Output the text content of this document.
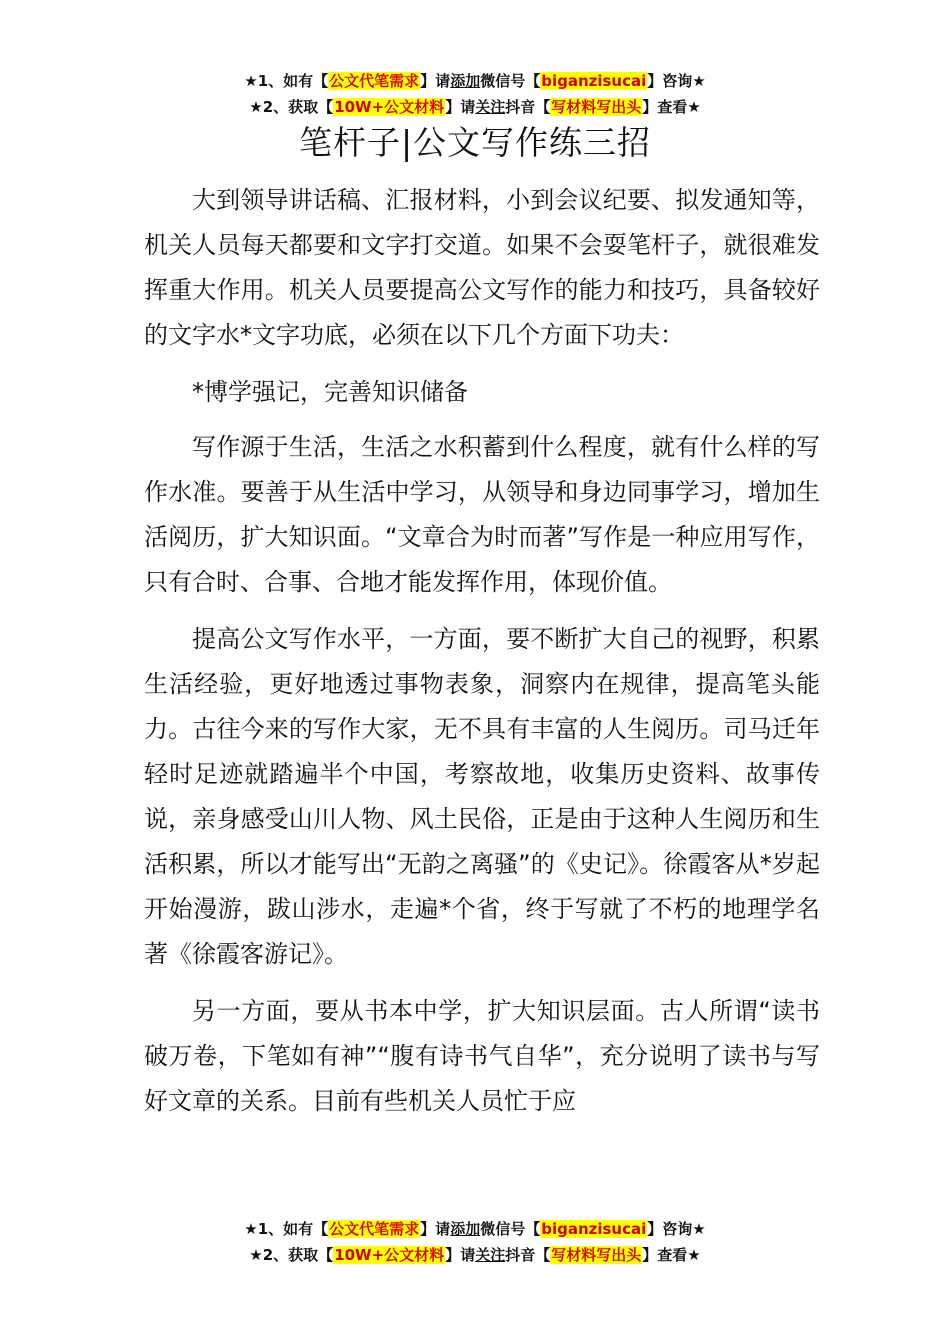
★1、如有【公文代笔需求】请添加微信号【biganzisucai】咨询★
★2、获取【10W+公文材料】请关注抖音【写材料写出头】查看★
笔杆子|公文写作练三招

大到领导讲话稿、汇报材料，小到会议纪要、拟发通知等，机关人员每天都要和文字打交道。如果不会耍笔杆子，就很难发挥重大作用。机关人员要提高公文写作的能力和技巧，具备较好的文字水*文字功底，必须在以下几个方面下功夫：

*博学强记，完善知识储备

写作源于生活，生活之水积蓄到什么程度，就有什么样的写作水准。要善于从生活中学习，从领导和身边同事学习，增加生活阅历，扩大知识面。“文章合为时而著”写作是一种应用写作，只有合时、合事、合地才能发挥作用，体现价值。

提高公文写作水平，一方面，要不断扩大自己的视野，积累生活经验，更好地透过事物表象，洞察内在规律，提高笔头能力。古往今来的写作大家，无不具有丰富的人生阅历。司马迁年轻时足迹就踏遍半个中国，考察故地，收集历史资料、故事传说，亲身感受山川人物、风土民俗，正是由于这种人生阅历和生活积累，所以才能写出“无韵之离骚”的《史记》。徐霞客从*岁起开始漫游，跋山涉水，走遍*个省，终于写就了不朽的地理学名著《徐霞客游记》。

另一方面，要从书本中学，扩大知识层面。古人所谓“读书破万卷，下笔如有神”“腹有诗书气自华”，充分说明了读书与写好文章的关系。目前有些机关人员忙于应

★1、如有【公文代笔需求】请添加微信号【biganzisucai】咨询★
★2、获取【10W+公文材料】请关注抖音【写材料写出头】查看★
